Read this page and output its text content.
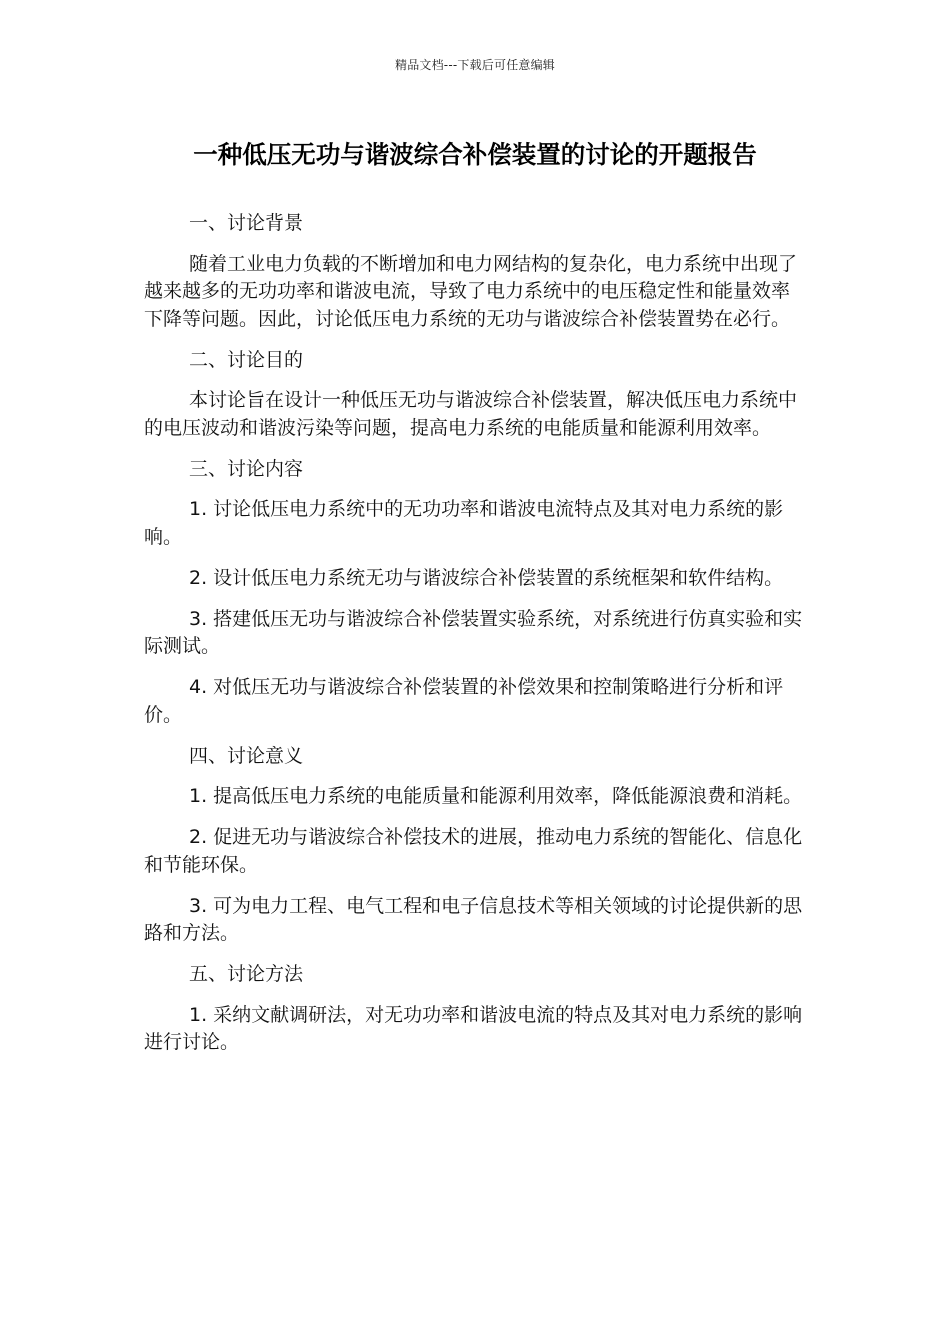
精品文档---下载后可任意编辑
一种低压无功与谐波综合补偿装置的讨论的开题报告

一、讨论背景

随着工业电力负载的不断增加和电力网结构的复杂化，电力系统中出现了越来越多的无功功率和谐波电流，导致了电力系统中的电压稳定性和能量效率下降等问题。因此，讨论低压电力系统的无功与谐波综合补偿装置势在必行。

二、讨论目的

本讨论旨在设计一种低压无功与谐波综合补偿装置，解决低压电力系统中的电压波动和谐波污染等问题，提高电力系统的电能质量和能源利用效率。

三、讨论内容

1. 讨论低压电力系统中的无功功率和谐波电流特点及其对电力系统的影响。

2. 设计低压电力系统无功与谐波综合补偿装置的系统框架和软件结构。

3. 搭建低压无功与谐波综合补偿装置实验系统，对系统进行仿真实验和实际测试。

4. 对低压无功与谐波综合补偿装置的补偿效果和控制策略进行分析和评价。

四、讨论意义

1. 提高低压电力系统的电能质量和能源利用效率，降低能源浪费和消耗。

2. 促进无功与谐波综合补偿技术的进展，推动电力系统的智能化、信息化和节能环保。

3. 可为电力工程、电气工程和电子信息技术等相关领域的讨论提供新的思路和方法。

五、讨论方法

1. 采纳文献调研法，对无功功率和谐波电流的特点及其对电力系统的影响进行讨论。
